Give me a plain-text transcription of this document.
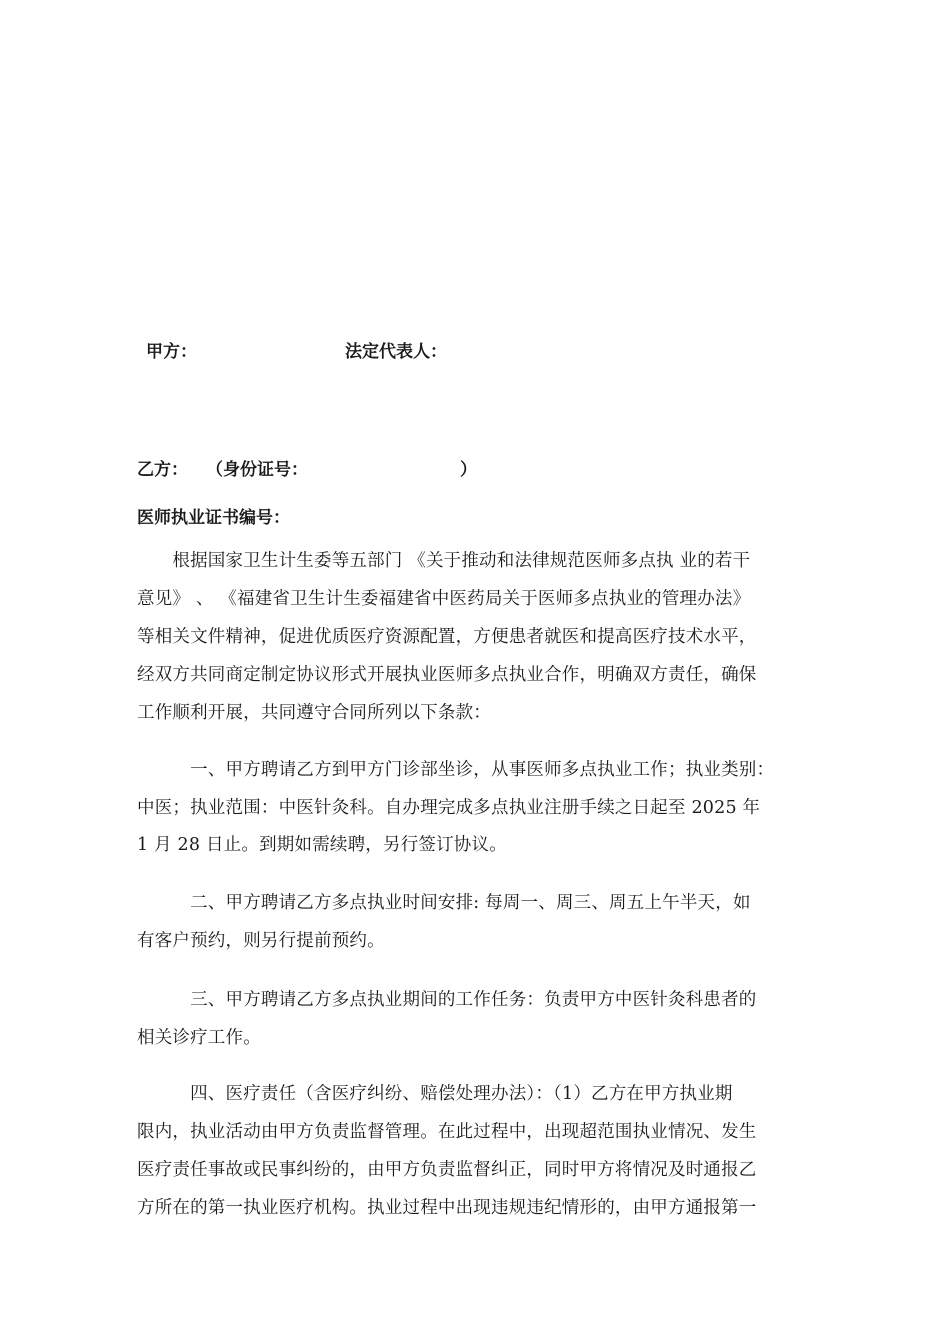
甲方：	法定代表人：
乙方： （身份证号：	）
医师执业证书编号：
　　根据国家卫生计生委等五部门 《关于推动和法律规范医师多点执 业的若干
意见》 、 《福建省卫生计生委福建省中医药局关于医师多点执业的管理办法》
等相关文件精神，促进优质医疗资源配置，方便患者就医和提高医疗技术水平，
经双方共同商定制定协议形式开展执业医师多点执业合作，明确双方责任，确保
工作顺利开展，共同遵守合同所列以下条款：
　　　一、甲方聘请乙方到甲方门诊部坐诊，从事医师多点执业工作；执业类别：
中医；执业范围：中医针灸科。自办理完成多点执业注册手续之日起至 2025 年
1 月 28 日止。到期如需续聘，另行签订协议。
　　　二、甲方聘请乙方多点执业时间安排: 每周一、周三、周五上午半天，如
有客户预约，则另行提前预约。
　　　三、甲方聘请乙方多点执业期间的工作任务：负责甲方中医针灸科患者的
相关诊疗工作。
　　　四、医疗责任（含医疗纠纷、赔偿处理办法）：（1）乙方在甲方执业期
限内，执业活动由甲方负责监督管理。在此过程中，出现超范围执业情况、发生
医疗责任事故或民事纠纷的，由甲方负责监督纠正，同时甲方将情况及时通报乙
方所在的第一执业医疗机构。执业过程中出现违规违纪情形的，由甲方通报第一
